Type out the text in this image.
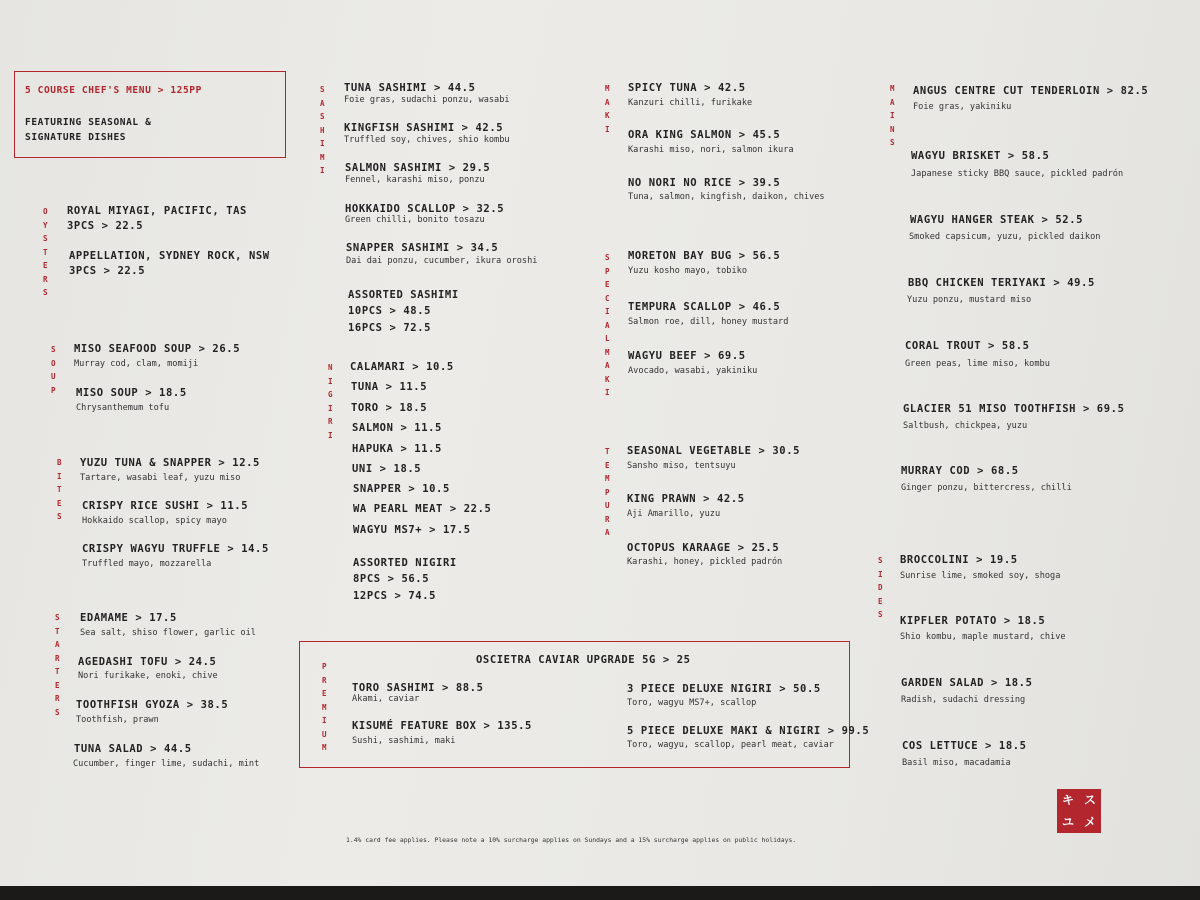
5 COURSE CHEF'S MENU > 125PP
FEATURING SEASONAL &
SIGNATURE DISHES
O
Y
S
T
E
R
S
S
O
U
P
B
I
T
E
S
S
T
A
R
T
E
R
S
S
A
S
H
I
M
I
N
I
G
I
R
I
P
R
E
M
I
U
M
M
A
K
I
S
P
E
C
I
A
L
M
A
K
I
T
E
M
P
U
R
A
M
A
I
N
S
S
I
D
E
S
ROYAL MIYAGI, PACIFIC, TAS
3PCS > 22.5
APPELLATION, SYDNEY ROCK, NSW
3PCS > 22.5
MISO SEAFOOD SOUP > 26.5
Murray cod, clam, momiji
MISO SOUP > 18.5
Chrysanthemum tofu
YUZU TUNA & SNAPPER > 12.5
Tartare, wasabi leaf, yuzu miso
CRISPY RICE SUSHI > 11.5
Hokkaido scallop, spicy mayo
CRISPY WAGYU TRUFFLE > 14.5
Truffled mayo, mozzarella
EDAMAME > 17.5
Sea salt, shiso flower, garlic oil
AGEDASHI TOFU > 24.5
Nori furikake, enoki, chive
TOOTHFISH GYOZA > 38.5
Toothfish, prawn
TUNA SALAD > 44.5
Cucumber, finger lime, sudachi, mint
TUNA SASHIMI > 44.5
Foie gras, sudachi ponzu, wasabi
KINGFISH SASHIMI > 42.5
Truffled soy, chives, shio kombu
SALMON SASHIMI > 29.5
Fennel, karashi miso, ponzu
HOKKAIDO SCALLOP > 32.5
Green chilli, bonito tosazu
SNAPPER SASHIMI > 34.5
Dai dai ponzu, cucumber, ikura oroshi
ASSORTED SASHIMI
10PCS > 48.5
16PCS > 72.5
CALAMARI > 10.5
TUNA > 11.5
TORO > 18.5
SALMON > 11.5
HAPUKA > 11.5
UNI > 18.5
SNAPPER > 10.5
WA PEARL MEAT > 22.5
WAGYU MS7+ > 17.5
ASSORTED NIGIRI
8PCS > 56.5
12PCS > 74.5
SPICY TUNA > 42.5
Kanzuri chilli, furikake
ORA KING SALMON > 45.5
Karashi miso, nori, salmon ikura
NO NORI NO RICE > 39.5
Tuna, salmon, kingfish, daikon, chives
MORETON BAY BUG > 56.5
Yuzu kosho mayo, tobiko
TEMPURA SCALLOP > 46.5
Salmon roe, dill, honey mustard
WAGYU BEEF > 69.5
Avocado, wasabi, yakiniku
SEASONAL VEGETABLE > 30.5
Sansho miso, tentsuyu
KING PRAWN > 42.5
Aji Amarillo, yuzu
OCTOPUS KARAAGE > 25.5
Karashi, honey, pickled padrón
ANGUS CENTRE CUT TENDERLOIN > 82.5
Foie gras, yakiniku
WAGYU BRISKET > 58.5
Japanese sticky BBQ sauce, pickled padrón
WAGYU HANGER STEAK > 52.5
Smoked capsicum, yuzu, pickled daikon
BBQ CHICKEN TERIYAKI > 49.5
Yuzu ponzu, mustard miso
CORAL TROUT > 58.5
Green peas, lime miso, kombu
GLACIER 51 MISO TOOTHFISH > 69.5
Saltbush, chickpea, yuzu
MURRAY COD > 68.5
Ginger ponzu, bittercress, chilli
BROCCOLINI > 19.5
Sunrise lime, smoked soy, shoga
KIPFLER POTATO > 18.5
Shio kombu, maple mustard, chive
GARDEN SALAD > 18.5
Radish, sudachi dressing
COS LETTUCE > 18.5
Basil miso, macadamia
OSCIETRA CAVIAR UPGRADE 5G > 25
TORO SASHIMI > 88.5
Akami, caviar
KISUMÉ FEATURE BOX > 135.5
Sushi, sashimi, maki
3 PIECE DELUXE NIGIRI > 50.5
Toro, wagyu MS7+, scallop
5 PIECE DELUXE MAKI & NIGIRI > 99.5
Toro, wagyu, scallop, pearl meat, caviar
1.4% card fee applies. Please note a 10% surcharge applies on Sundays and a 15% surcharge applies on public holidays.
キ ス
ユ メ
